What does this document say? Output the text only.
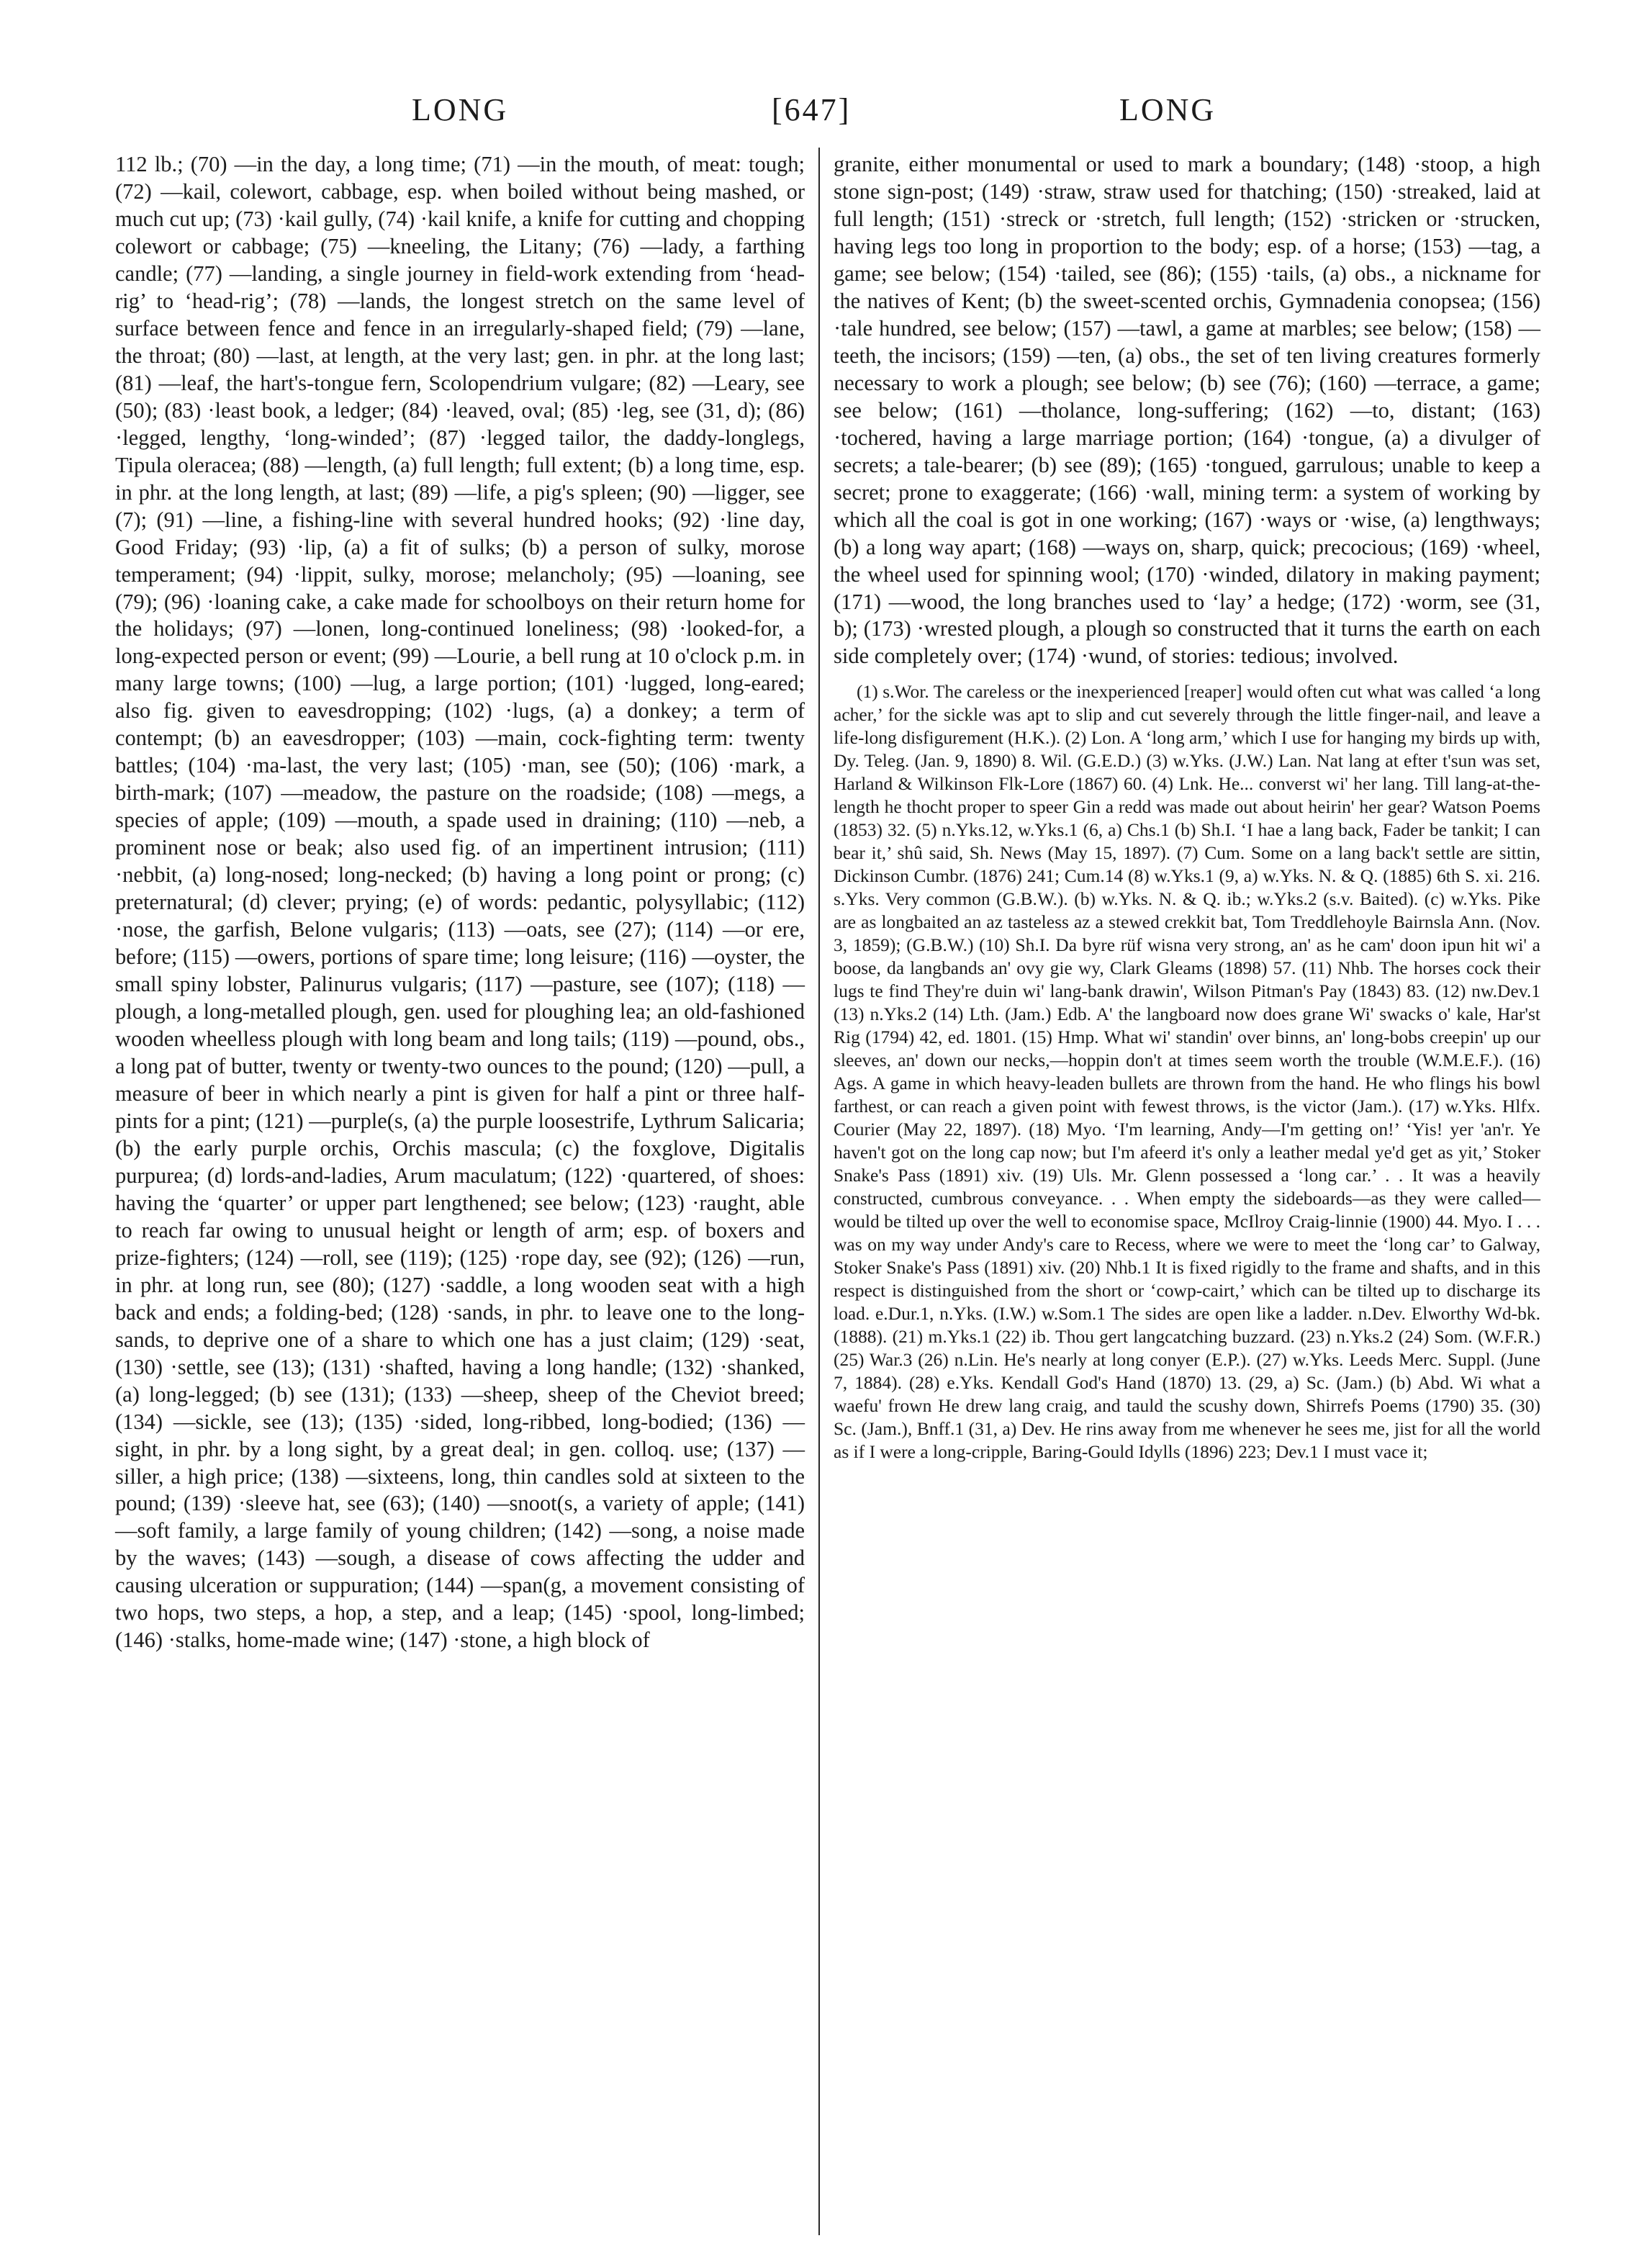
LONG	[647]	LONG

112 lb.; (70) —in the day, a long time; (71) —in the mouth, of meat: tough; (72) —kail, colewort, cabbage, esp. when boiled without being mashed, or much cut up; (73) ·kail gully, (74) ·kail knife, a knife for cutting and chopping colewort or cabbage; (75) —kneeling, the Litany; (76) —lady, a farthing candle; (77) —landing, a single journey in field-work extending from ‘head-rig’ to ‘head-rig’; (78) —lands, the longest stretch on the same level of surface between fence and fence in an irregularly-shaped field; (79) —lane, the throat; (80) —last, at length, at the very last; gen. in phr. at the long last; (81) —leaf, the hart's-tongue fern, Scolopendrium vulgare; (82) —Leary, see (50); (83) ·least book, a ledger; (84) ·leaved, oval; (85) ·leg, see (31, d); (86) ·legged, lengthy, ‘long-winded’; (87) ·legged tailor, the daddy-longlegs, Tipula oleracea; (88) —length, (a) full length; full extent; (b) a long time, esp. in phr. at the long length, at last; (89) —life, a pig's spleen; (90) —ligger, see (7); (91) —line, a fishing-line with several hundred hooks; (92) ·line day, Good Friday; (93) ·lip, (a) a fit of sulks; (b) a person of sulky, morose temperament; (94) ·lippit, sulky, morose; melancholy; (95) —loaning, see (79); (96) ·loaning cake, a cake made for schoolboys on their return home for the holidays; (97) —lonen, long-continued loneliness; (98) ·looked-for, a long-expected person or event; (99) —Lourie, a bell rung at 10 o'clock p.m. in many large towns; (100) —lug, a large portion; (101) ·lugged, long-eared; also fig. given to eavesdropping; (102) ·lugs, (a) a donkey; a term of contempt; (b) an eavesdropper; (103) —main, cock-fighting term: twenty battles; (104) ·ma-last, the very last; (105) ·man, see (50); (106) ·mark, a birth-mark; (107) —meadow, the pasture on the roadside; (108) —megs, a species of apple; (109) —mouth, a spade used in draining; (110) —neb, a prominent nose or beak; also used fig. of an impertinent intrusion; (111) ·nebbit, (a) long-nosed; long-necked; (b) having a long point or prong; (c) preternatural; (d) clever; prying; (e) of words: pedantic, polysyllabic; (112) ·nose, the garfish, Belone vulgaris; (113) —oats, see (27); (114) —or ere, before; (115) —owers, portions of spare time; long leisure; (116) —oyster, the small spiny lobster, Palinurus vulgaris; (117) —pasture, see (107); (118) —plough, a long-metalled plough, gen. used for ploughing lea; an old-fashioned wooden wheelless plough with long beam and long tails; (119) —pound, obs., a long pat of butter, twenty or twenty-two ounces to the pound; (120) —pull, a measure of beer in which nearly a pint is given for half a pint or three half-pints for a pint; (121) —purple(s, (a) the purple loosestrife, Lythrum Salicaria; (b) the early purple orchis, Orchis mascula; (c) the foxglove, Digitalis purpurea; (d) lords-and-ladies, Arum maculatum; (122) ·quartered, of shoes: having the ‘quarter’ or upper part lengthened; see below; (123) ·raught, able to reach far owing to unusual height or length of arm; esp. of boxers and prize-fighters; (124) —roll, see (119); (125) ·rope day, see (92); (126) —run, in phr. at long run, see (80); (127) ·saddle, a long wooden seat with a high back and ends; a folding-bed; (128) ·sands, in phr. to leave one to the long-sands, to deprive one of a share to which one has a just claim; (129) ·seat, (130) ·settle, see (13); (131) ·shafted, having a long handle; (132) ·shanked, (a) long-legged; (b) see (131); (133) —sheep, sheep of the Cheviot breed; (134) —sickle, see (13); (135) ·sided, long-ribbed, long-bodied; (136) —sight, in phr. by a long sight, by a great deal; in gen. colloq. use; (137) —siller, a high price; (138) —sixteens, long, thin candles sold at sixteen to the pound; (139) ·sleeve hat, see (63); (140) —snoot(s, a variety of apple; (141) —soft family, a large family of young children; (142) —song, a noise made by the waves; (143) —sough, a disease of cows affecting the udder and causing ulceration or suppuration; (144) —span(g, a movement consisting of two hops, two steps, a hop, a step, and a leap; (145) ·spool, long-limbed; (146) ·stalks, home-made wine; (147) ·stone, a high block of

granite, either monumental or used to mark a boundary; (148) ·stoop, a high stone sign-post; (149) ·straw, straw used for thatching; (150) ·streaked, laid at full length; (151) ·streck or ·stretch, full length; (152) ·stricken or ·strucken, having legs too long in proportion to the body; esp. of a horse; (153) —tag, a game; see below; (154) ·tailed, see (86); (155) ·tails, (a) obs., a nickname for the natives of Kent; (b) the sweet-scented orchis, Gymnadenia conopsea; (156) ·tale hundred, see below; (157) —tawl, a game at marbles; see below; (158) —teeth, the incisors; (159) —ten, (a) obs., the set of ten living creatures formerly necessary to work a plough; see below; (b) see (76); (160) —terrace, a game; see below; (161) —tholance, long-suffering; (162) —to, distant; (163) ·tochered, having a large marriage portion; (164) ·tongue, (a) a divulger of secrets; a tale-bearer; (b) see (89); (165) ·tongued, garrulous; unable to keep a secret; prone to exaggerate; (166) ·wall, mining term: a system of working by which all the coal is got in one working; (167) ·ways or ·wise, (a) lengthways; (b) a long way apart; (168) —ways on, sharp, quick; precocious; (169) ·wheel, the wheel used for spinning wool; (170) ·winded, dilatory in making payment; (171) —wood, the long branches used to ‘lay’ a hedge; (172) ·worm, see (31, b); (173) ·wrested plough, a plough so constructed that it turns the earth on each side completely over; (174) ·wund, of stories: tedious; involved.

(1) s.Wor. The careless or the inexperienced [reaper] would often cut what was called ‘a long acher,’ for the sickle was apt to slip and cut severely through the little finger-nail, and leave a life-long disfigurement (H.K.). (2) Lon. A ‘long arm,’ which I use for hanging my birds up with, Dy. Teleg. (Jan. 9, 1890) 8. Wil. (G.E.D.) (3) w.Yks. (J.W.) Lan. Nat lang at efter t'sun was set, Harland & Wilkinson Flk-Lore (1867) 60. (4) Lnk. He... converst wi' her lang. Till lang-at-the-length he thocht proper to speer Gin a redd was made out about heirin' her gear? Watson Poems (1853) 32. (5) n.Yks.12, w.Yks.1 (6, a) Chs.1 (b) Sh.I. ‘I hae a lang back, Fader be tankit; I can bear it,’ shû said, Sh. News (May 15, 1897). (7) Cum. Some on a lang back't settle are sittin, Dickinson Cumbr. (1876) 241; Cum.14 (8) w.Yks.1 (9, a) w.Yks. N. & Q. (1885) 6th S. xi. 216. s.Yks. Very common (G.B.W.). (b) w.Yks. N. & Q. ib.; w.Yks.2 (s.v. Baited). (c) w.Yks. Pike are as longbaited an az tasteless az a stewed crekkit bat, Tom Treddlehoyle Bairnsla Ann. (Nov. 3, 1859); (G.B.W.) (10) Sh.I. Da byre rüf wisna very strong, an' as he cam' doon ipun hit wi' a boose, da langbands an' ovy gie wy, Clark Gleams (1898) 57. (11) Nhb. The horses cock their lugs te find They're duin wi' lang-bank drawin', Wilson Pitman's Pay (1843) 83. (12) nw.Dev.1 (13) n.Yks.2 (14) Lth. (Jam.) Edb. A' the langboard now does grane Wi' swacks o' kale, Har'st Rig (1794) 42, ed. 1801. (15) Hmp. What wi' standin' over binns, an' long-bobs creepin' up our sleeves, an' down our necks,—hoppin don't at times seem worth the trouble (W.M.E.F.). (16) Ags. A game in which heavy-leaden bullets are thrown from the hand. He who flings his bowl farthest, or can reach a given point with fewest throws, is the victor (Jam.). (17) w.Yks. Hlfx. Courier (May 22, 1897). (18) Myo. ‘I'm learning, Andy—I'm getting on!’ ‘Yis! yer 'an'r. Ye haven't got on the long cap now; but I'm afeerd it's only a leather medal ye'd get as yit,’ Stoker Snake's Pass (1891) xiv. (19) Uls. Mr. Glenn possessed a ‘long car.’ . . It was a heavily constructed, cumbrous conveyance. . . When empty the sideboards—as they were called—would be tilted up over the well to economise space, McIlroy Craig-linnie (1900) 44. Myo. I . . . was on my way under Andy's care to Recess, where we were to meet the ‘long car’ to Galway, Stoker Snake's Pass (1891) xiv. (20) Nhb.1 It is fixed rigidly to the frame and shafts, and in this respect is distinguished from the short or ‘cowp-cairt,’ which can be tilted up to discharge its load. e.Dur.1, n.Yks. (I.W.) w.Som.1 The sides are open like a ladder. n.Dev. Elworthy Wd-bk. (1888). (21) m.Yks.1 (22) ib. Thou gert langcatching buzzard. (23) n.Yks.2 (24) Som. (W.F.R.) (25) War.3 (26) n.Lin. He's nearly at long conyer (E.P.). (27) w.Yks. Leeds Merc. Suppl. (June 7, 1884). (28) e.Yks. Kendall God's Hand (1870) 13. (29, a) Sc. (Jam.) (b) Abd. Wi what a waefu' frown He drew lang craig, and tauld the scushy down, Shirrefs Poems (1790) 35. (30) Sc. (Jam.), Bnff.1 (31, a) Dev. He rins away from me whenever he sees me, jist for all the world as if I were a long-cripple, Baring-Gould Idylls (1896) 223; Dev.1 I must vace it;
